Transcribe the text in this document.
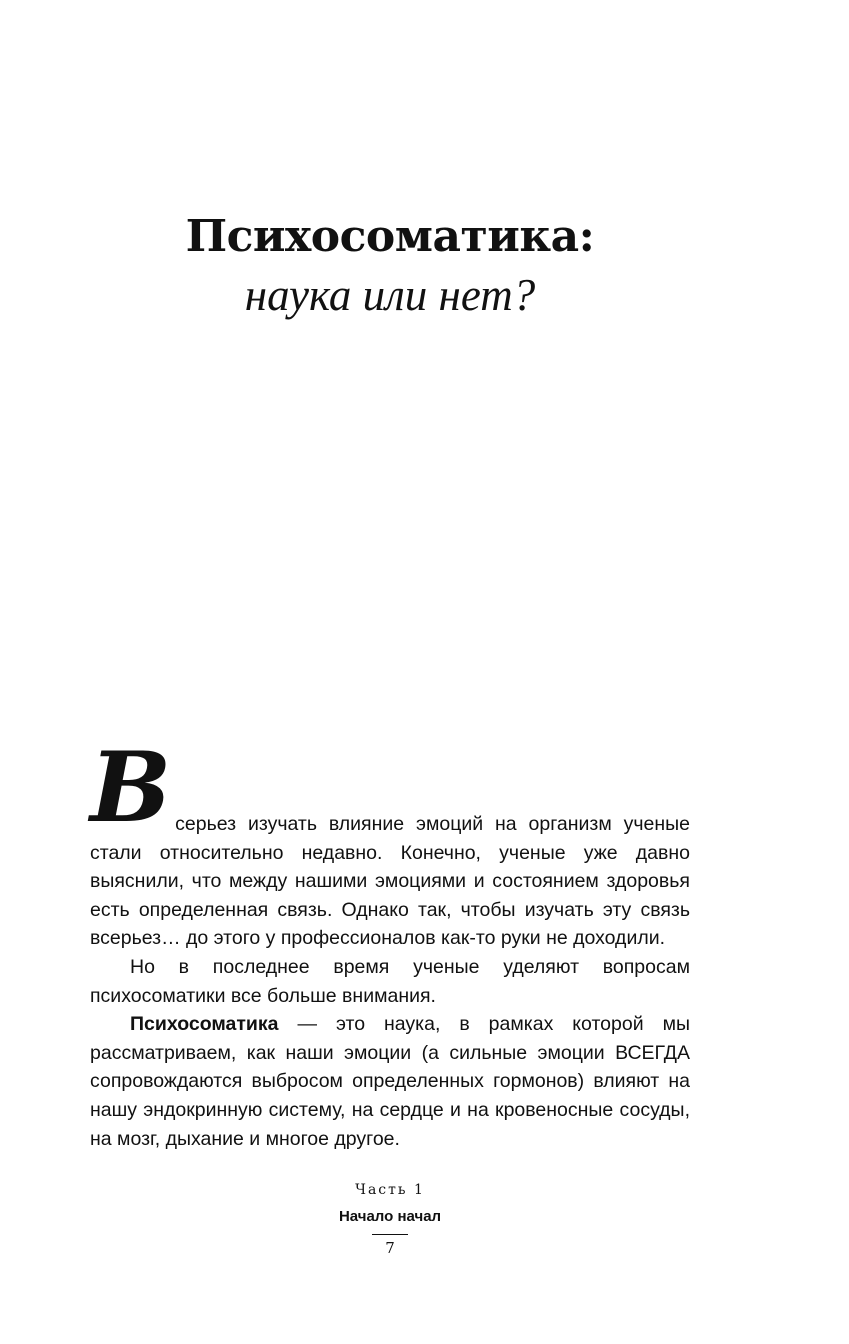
Психосоматика:
наука или нет?

Всерьез изучать влияние эмоций на организм ученые стали относительно недавно. Конечно, ученые уже давно выяснили, что между нашими эмоциями и состоянием здоровья есть определенная связь. Однако так, чтобы изучать эту связь всерьез… до этого у профессионалов как-то руки не доходили.

Но в последнее время ученые уделяют вопросам психосоматики все больше внимания.

Психосоматика — это наука, в рамках которой мы рассматриваем, как наши эмоции (а сильные эмоции ВСЕГДА сопровождаются выбросом определенных гормонов) влияют на нашу эндокринную систему, на сердце и на кровеносные сосуды, на мозг, дыхание и многое другое.

Часть 1
Начало начал
7
